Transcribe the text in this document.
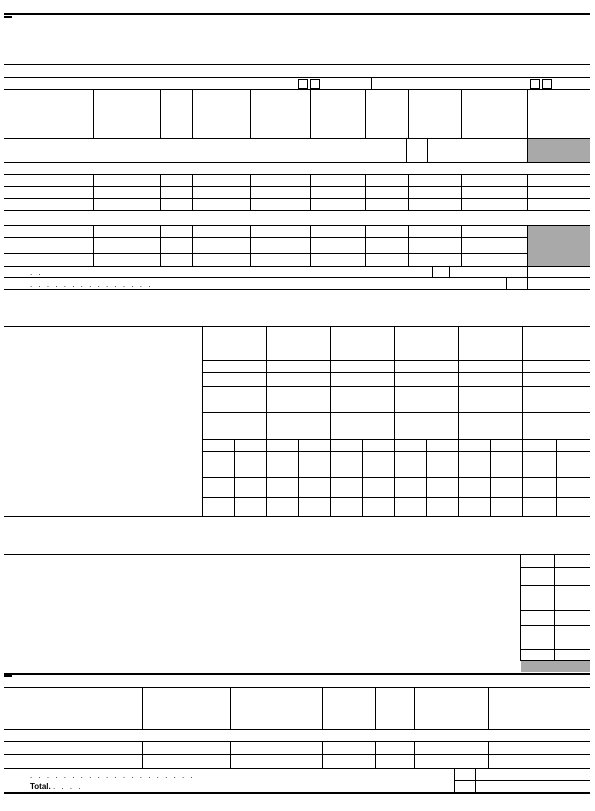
. .
. . . . . . . . . . . . . . .
. . . . . . . . . . . . . . . . . . . .
Total. . . . .
